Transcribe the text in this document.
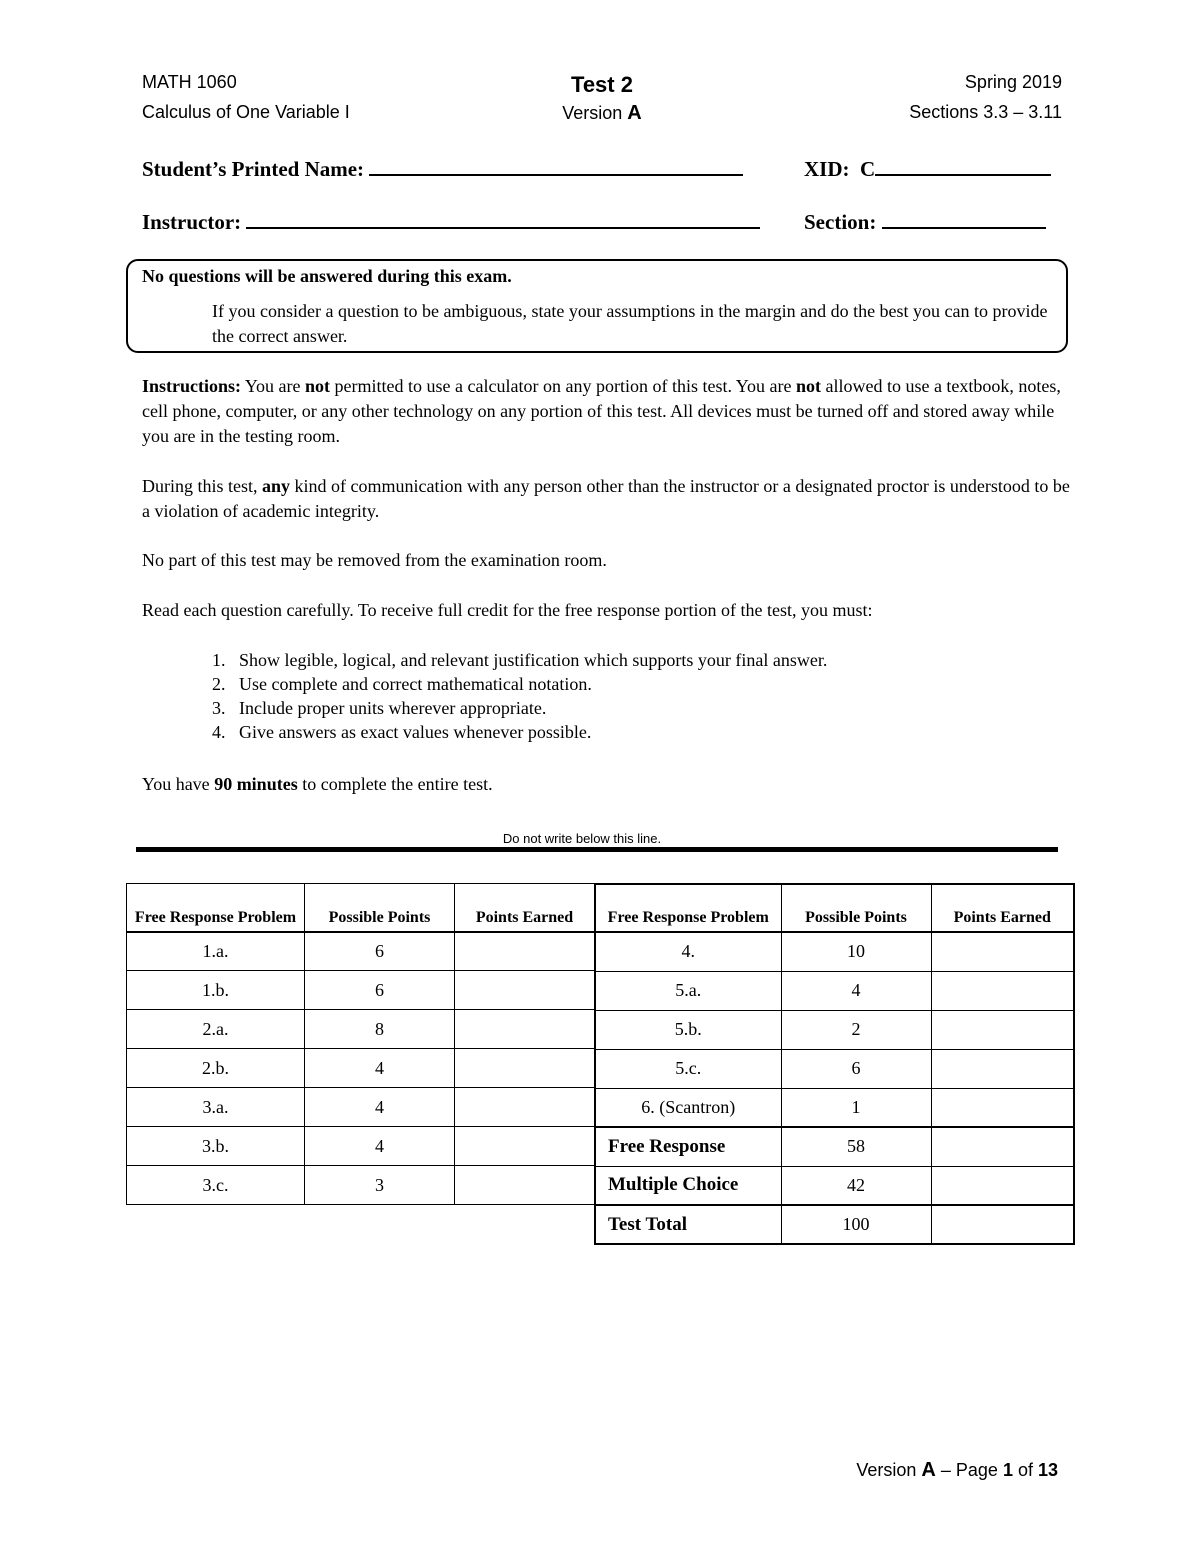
MATH 1060	Test 2	Spring 2019
Calculus of One Variable I	Version A	Sections 3.3 – 3.11
Student’s Printed Name:	XID: C
Instructor:	Section:
No questions will be answered during this exam.
If you consider a question to be ambiguous, state your assumptions in the margin and do the best you can to provide the correct answer.
Instructions: You are not permitted to use a calculator on any portion of this test. You are not allowed to use a textbook, notes, cell phone, computer, or any other technology on any portion of this test. All devices must be turned off and stored away while you are in the testing room.
During this test, any kind of communication with any person other than the instructor or a designated proctor is understood to be a violation of academic integrity.
No part of this test may be removed from the examination room.
Read each question carefully. To receive full credit for the free response portion of the test, you must:
1. Show legible, logical, and relevant justification which supports your final answer.
2. Use complete and correct mathematical notation.
3. Include proper units wherever appropriate.
4. Give answers as exact values whenever possible.
You have 90 minutes to complete the entire test.
Do not write below this line.
Free Response Problem	Possible Points	Points Earned
1.a.	6	
1.b.	6	
2.a.	8	
2.b.	4	
3.a.	4	
3.b.	4	
3.c.	3	
Free Response Problem	Possible Points	Points Earned
4.	10	
5.a.	4	
5.b.	2	
5.c.	6	
6. (Scantron)	1	
Free Response	58	
Multiple Choice	42	
Test Total	100	
Version A – Page 1 of 13
